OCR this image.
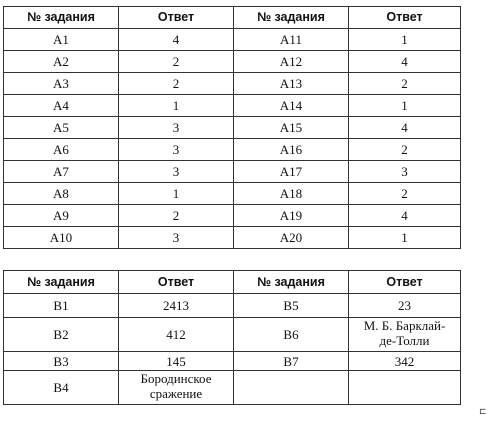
№ задания	Ответ	№ задания	Ответ
A1	4	A11	1
A2	2	A12	4
A3	2	A13	2
A4	1	A14	1
A5	3	A15	4
A6	3	A16	2
A7	3	A17	3
A8	1	A18	2
A9	2	A19	4
A10	3	A20	1
№ задания	Ответ	№ задания	Ответ
B1	2413	B5	23
B2	412	B6	М. Б. Барклай-
де-Толли
B3	145	B7	342
B4	Бородинское
сражение		
⊏
